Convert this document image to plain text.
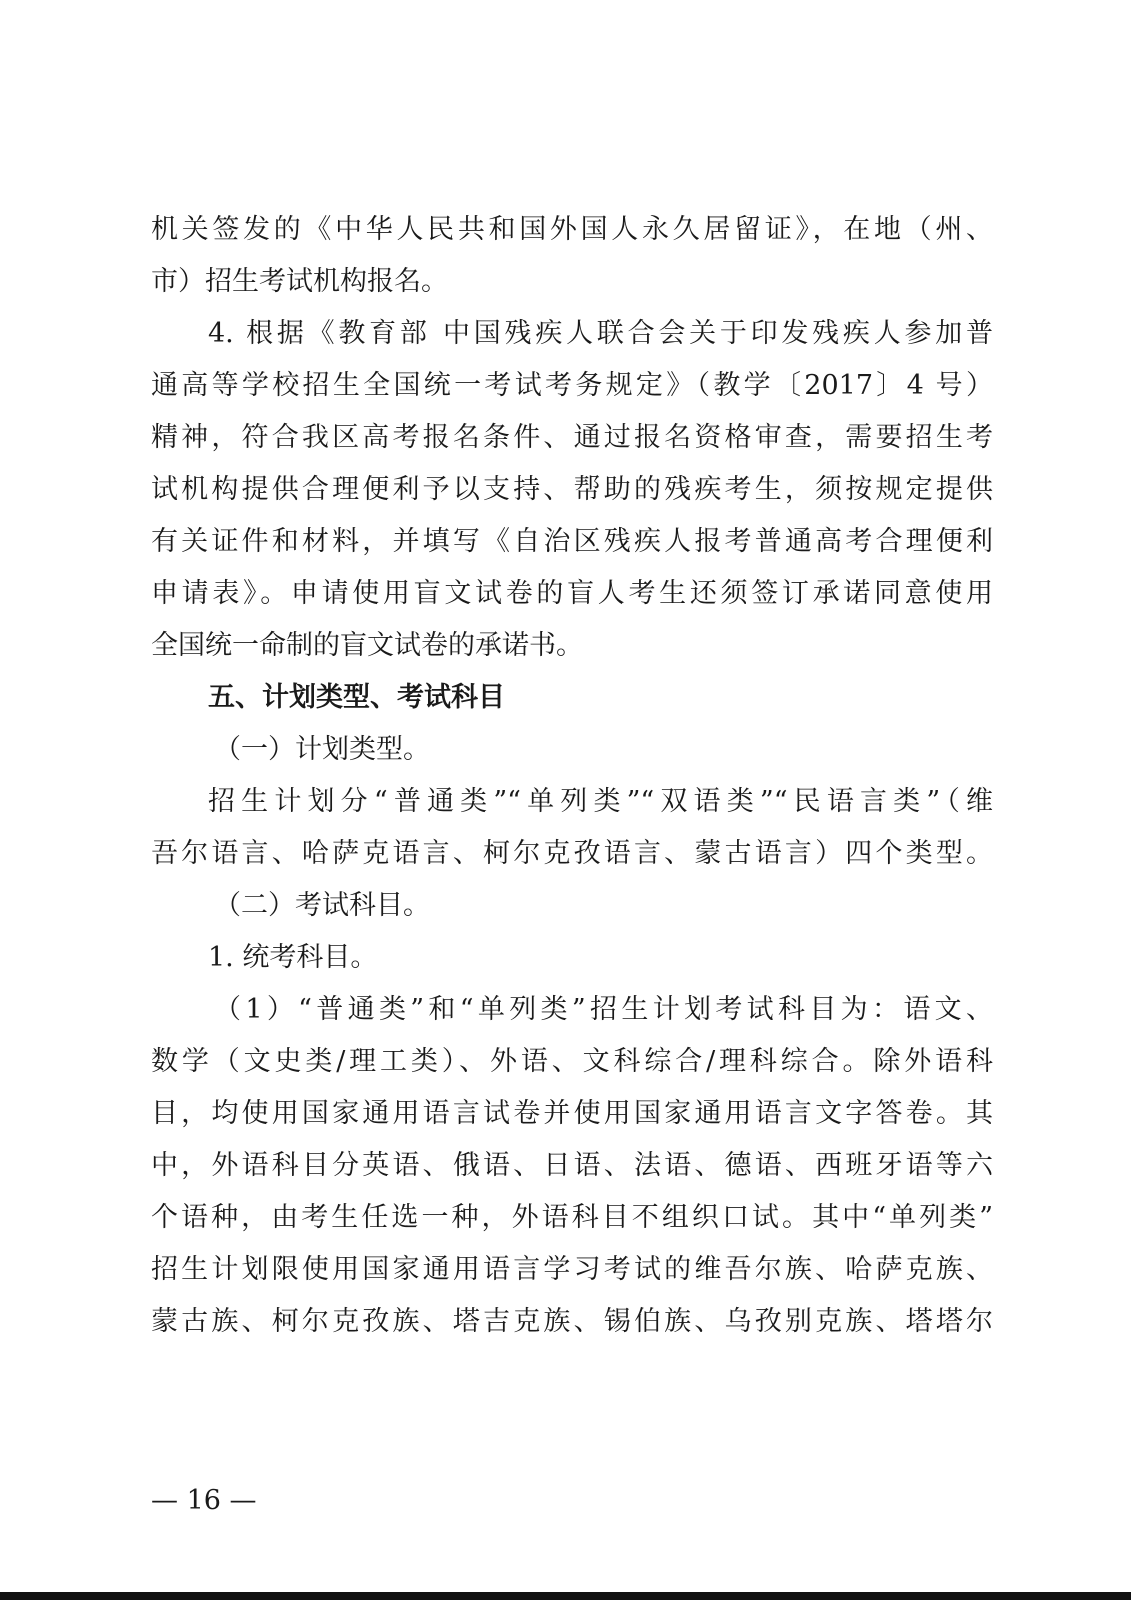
机关签发的《中华人民共和国外国人永久居留证》，在地（州、
市）招生考试机构报名。
4. 根据《教育部 中国残疾人联合会关于印发残疾人参加普
通高等学校招生全国统一考试考务规定》（教学〔2017〕4 号）
精神，符合我区高考报名条件、通过报名资格审查，需要招生考
试机构提供合理便利予以支持、帮助的残疾考生，须按规定提供
有关证件和材料，并填写《自治区残疾人报考普通高考合理便利
申请表》。申请使用盲文试卷的盲人考生还须签订承诺同意使用
全国统一命制的盲文试卷的承诺书。
五、计划类型、考试科目
（一）计划类型。
招生计划分“普通类”“单列类”“双语类”“民语言类”（维
吾尔语言、哈萨克语言、柯尔克孜语言、蒙古语言）四个类型。
（二）考试科目。
1. 统考科目。
（1）“普通类”和“单列类”招生计划考试科目为：语文、
数学（文史类/理工类）、外语、文科综合/理科综合。除外语科
目，均使用国家通用语言试卷并使用国家通用语言文字答卷。其
中，外语科目分英语、俄语、日语、法语、德语、西班牙语等六
个语种，由考生任选一种，外语科目不组织口试。其中“单列类”
招生计划限使用国家通用语言学习考试的维吾尔族、哈萨克族、
蒙古族、柯尔克孜族、塔吉克族、锡伯族、乌孜别克族、塔塔尔
— 16 —
